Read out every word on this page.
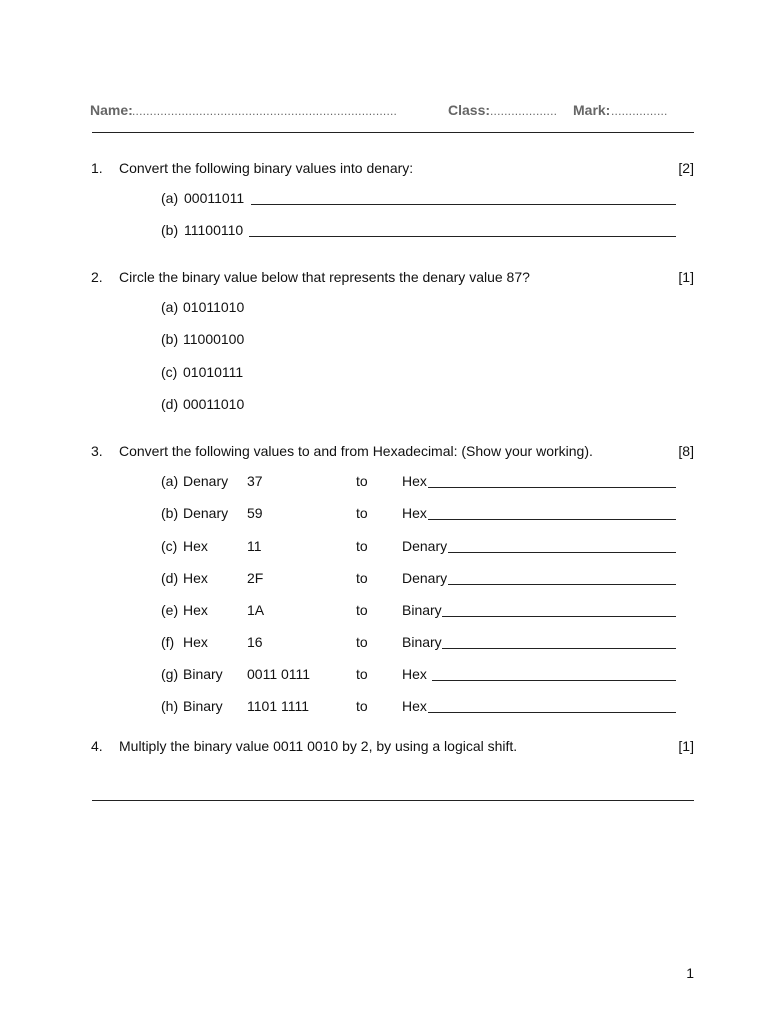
Name: ...........................................................................	Class: ................... Mark: ................
1. Convert the following binary values into denary:	[2]
(a) 00011011
(b) 11100110
2. Circle the binary value below that represents the denary value 87?	[1]
(a) 01011010
(b) 11000100
(c) 01010111
(d) 00011010
3. Convert the following values to and from Hexadecimal: (Show your working).	[8]
(a) Denary 37	to Hex
(b) Denary 59	to Hex
(c) Hex	11	to Denary
(d) Hex	2F	to Denary
(e) Hex	1A	to Binary
(f) Hex	16	to Binary
(g) Binary 0011 0111	to Hex
(h) Binary 1101 1111	to Hex
4. Multiply the binary value 0011 0010 by 2, by using a logical shift.	[1]
1
